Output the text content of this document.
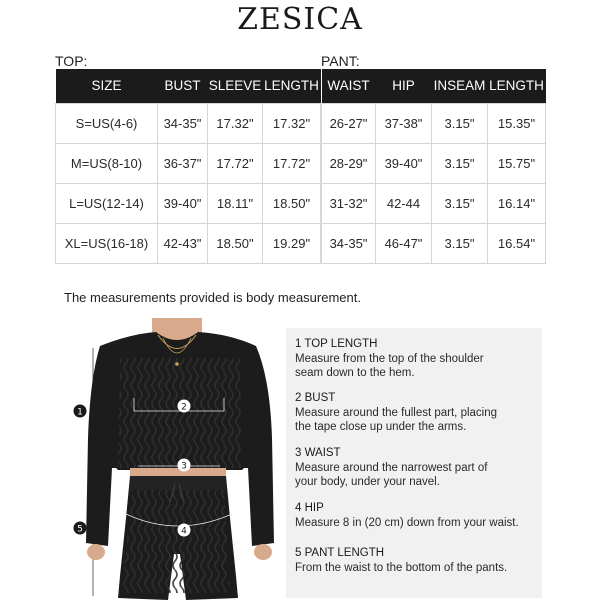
ZESICA
TOP:	PANT:
SIZE	BUST	SLEEVE	LENGTH
S=US(4-6)	34-35"	17.32"	17.32"
M=US(8-10)	36-37"	17.72"	17.72"
L=US(12-14)	39-40"	18.11"	18.50"
XL=US(16-18)	42-43"	18.50"	19.29"
WAIST	HIP	INSEAM	LENGTH
26-27"	37-38"	3.15"	15.35"
28-29"	39-40"	3.15"	15.75"
31-32"	42-44	3.15"	16.14"
34-35"	46-47"	3.15"	16.54"
The measurements provided is body measurement.
1	2
3
4
5
1 TOP LENGTH
Measure from the top of the shoulder
seam down to the hem.
2 BUST
Measure around the fullest part, placing
the tape close up under the arms.
3 WAIST
Measure around the narrowest part of
your body, under your navel.
4 HIP
Measure 8 in (20 cm) down from your waist.
5 PANT LENGTH
From the waist to the bottom of the pants.
